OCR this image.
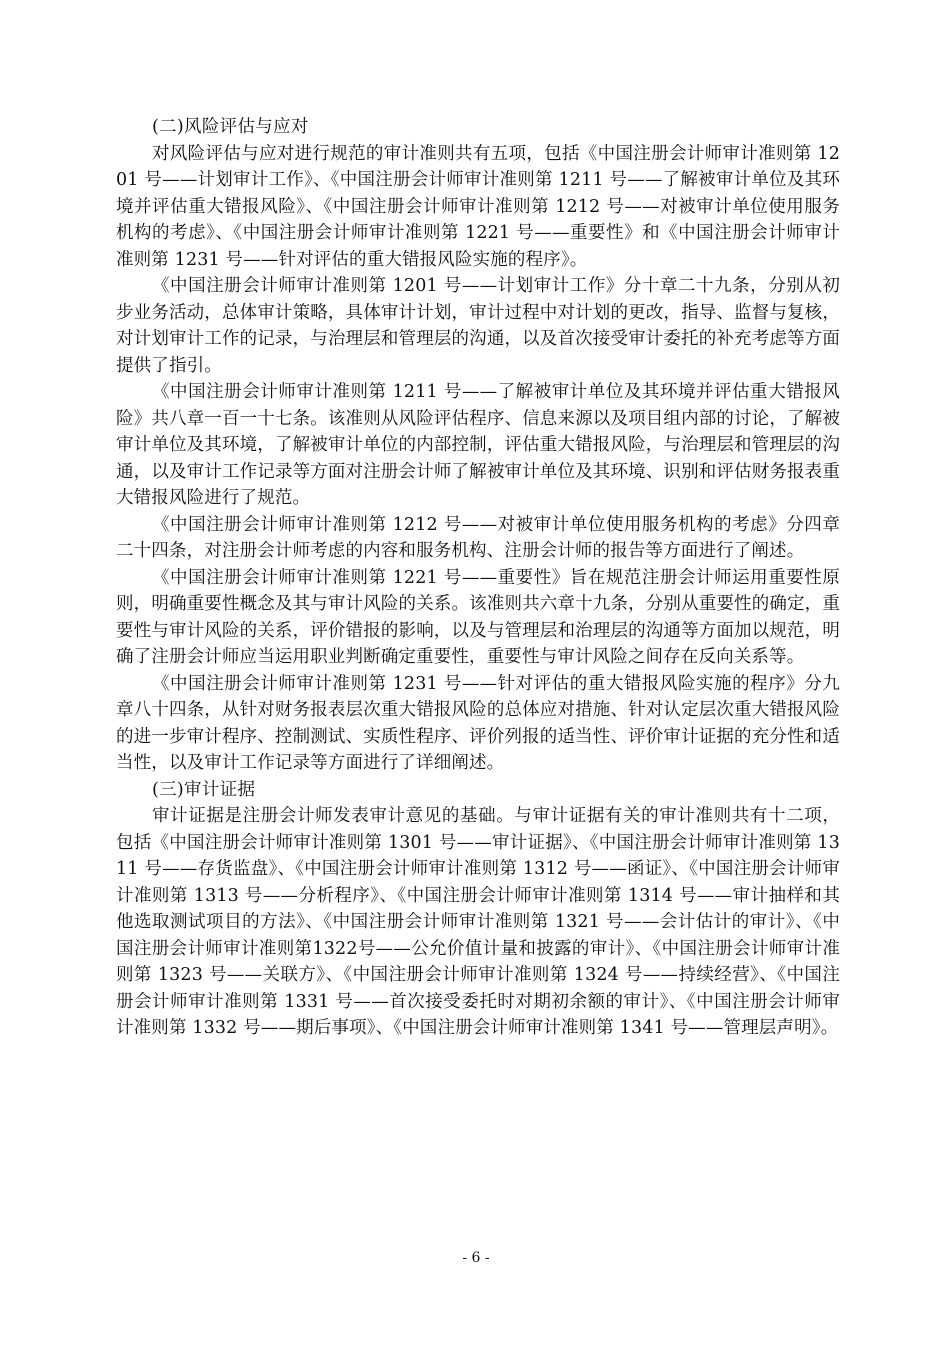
(二)风险评估与应对

对风险评估与应对进行规范的审计准则共有五项，包括《中国注册会计师审计准则第 1201 号——计划审计工作》、《中国注册会计师审计准则第 1211 号——了解被审计单位及其环境并评估重大错报风险》、《中国注册会计师审计准则第 1212 号——对被审计单位使用服务机构的考虑》、《中国注册会计师审计准则第 1221 号——重要性》和《中国注册会计师审计准则第 1231 号——针对评估的重大错报风险实施的程序》。

《中国注册会计师审计准则第 1201 号——计划审计工作》分十章二十九条，分别从初步业务活动，总体审计策略，具体审计计划，审计过程中对计划的更改，指导、监督与复核，对计划审计工作的记录，与治理层和管理层的沟通，以及首次接受审计委托的补充考虑等方面提供了指引。

《中国注册会计师审计准则第 1211 号——了解被审计单位及其环境并评估重大错报风险》共八章一百一十七条。该准则从风险评估程序、信息来源以及项目组内部的讨论，了解被审计单位及其环境，了解被审计单位的内部控制，评估重大错报风险，与治理层和管理层的沟通，以及审计工作记录等方面对注册会计师了解被审计单位及其环境、识别和评估财务报表重大错报风险进行了规范。

《中国注册会计师审计准则第 1212 号——对被审计单位使用服务机构的考虑》分四章二十四条，对注册会计师考虑的内容和服务机构、注册会计师的报告等方面进行了阐述。

《中国注册会计师审计准则第 1221 号——重要性》旨在规范注册会计师运用重要性原则，明确重要性概念及其与审计风险的关系。该准则共六章十九条，分别从重要性的确定，重要性与审计风险的关系，评价错报的影响，以及与管理层和治理层的沟通等方面加以规范，明确了注册会计师应当运用职业判断确定重要性，重要性与审计风险之间存在反向关系等。

《中国注册会计师审计准则第 1231 号——针对评估的重大错报风险实施的程序》分九章八十四条，从针对财务报表层次重大错报风险的总体应对措施、针对认定层次重大错报风险的进一步审计程序、控制测试、实质性程序、评价列报的适当性、评价审计证据的充分性和适当性，以及审计工作记录等方面进行了详细阐述。

(三)审计证据

审计证据是注册会计师发表审计意见的基础。与审计证据有关的审计准则共有十二项，包括《中国注册会计师审计准则第 1301 号——审计证据》、《中国注册会计师审计准则第 1311 号——存货监盘》、《中国注册会计师审计准则第 1312 号——函证》、《中国注册会计师审计准则第 1313 号——分析程序》、《中国注册会计师审计准则第 1314 号——审计抽样和其他选取测试项目的方法》、《中国注册会计师审计准则第 1321 号——会计估计的审计》、《中国注册会计师审计准则第1322号——公允价值计量和披露的审计》、《中国注册会计师审计准则第 1323 号——关联方》、《中国注册会计师审计准则第 1324 号——持续经营》、《中国注册会计师审计准则第 1331 号——首次接受委托时对期初余额的审计》、《中国注册会计师审计准则第 1332 号——期后事项》、《中国注册会计师审计准则第 1341 号——管理层声明》。

- 6 -
